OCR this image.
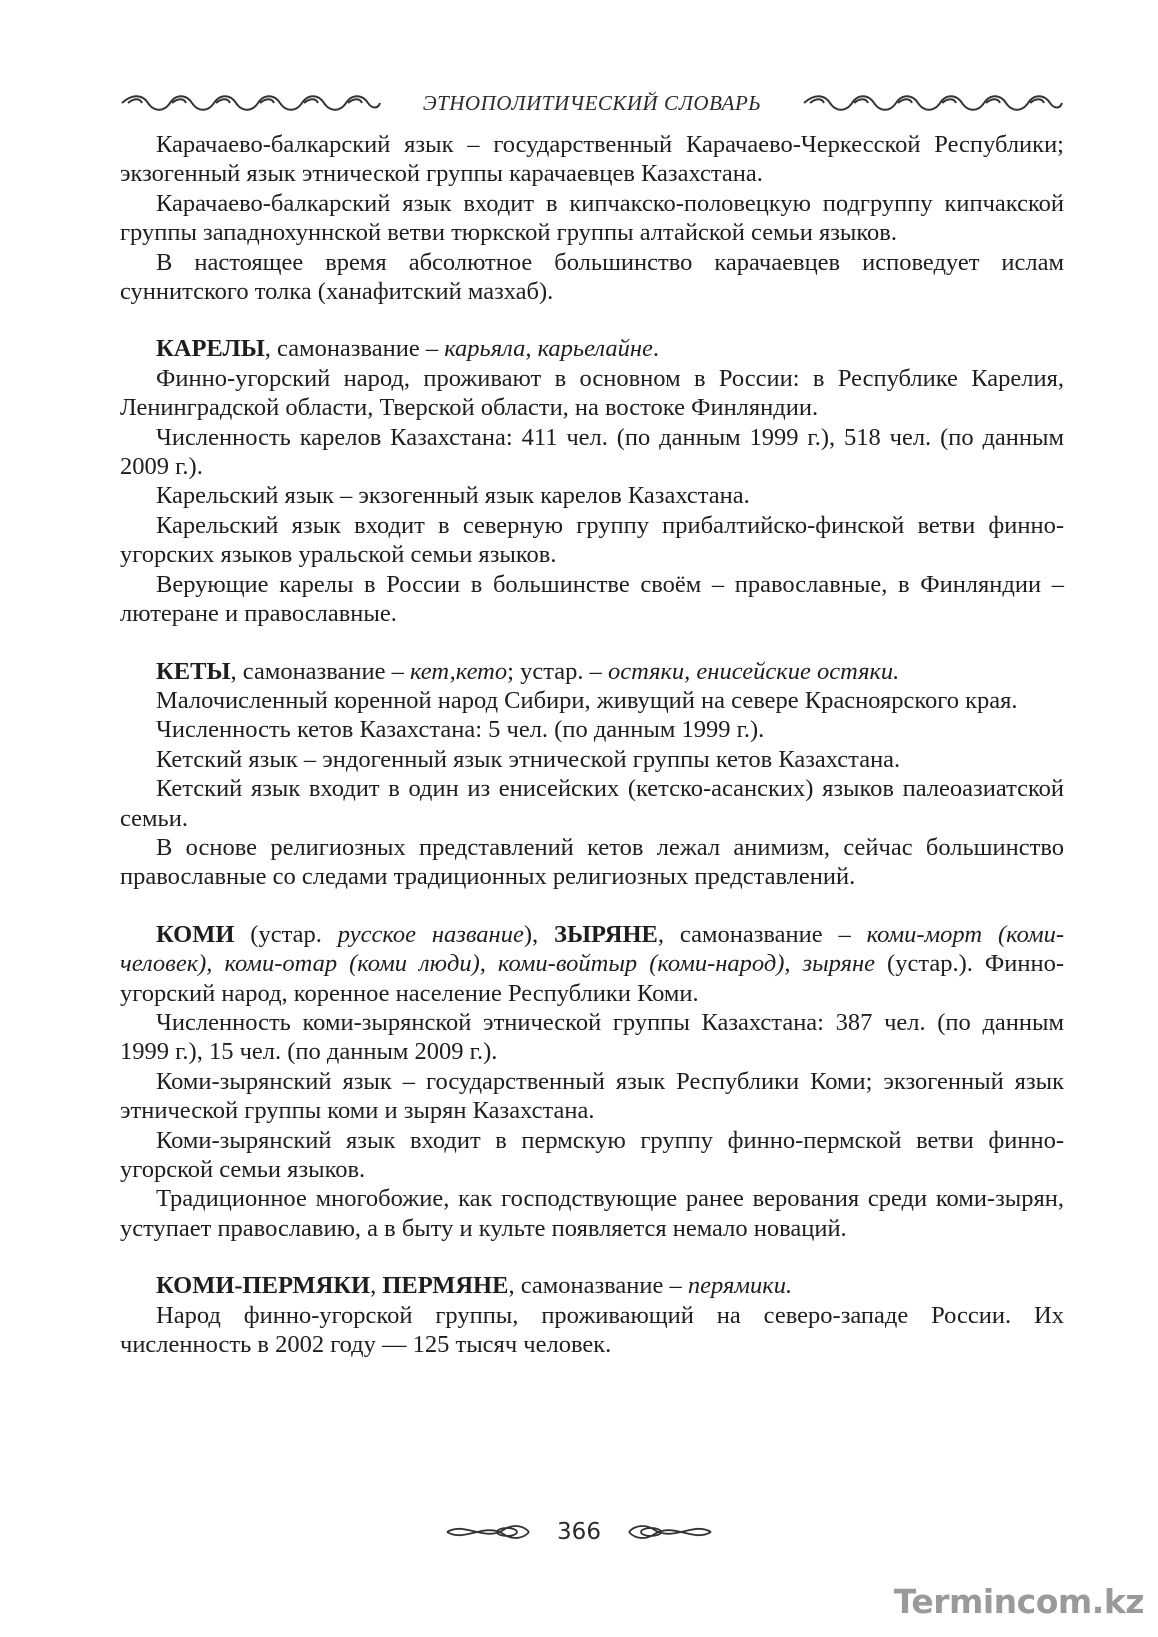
ЭТНОПОЛИТИЧЕСКИЙ СЛОВАРЬ

Карачаево-балкарский язык – государственный Карачаево-Черкесской Республики; экзогенный язык этнической группы карачаевцев Казахстана.

Карачаево-балкарский язык входит в кипчакско-половецкую подгруппу кипчакской группы западнохуннской ветви тюркской группы алтайской семьи языков.

В настоящее время абсолютное большинство карачаевцев исповедует ислам суннитского толка (ханафитский мазхаб).

КАРЕЛЫ, самоназвание – карьяла, карьелайне.

Финно-угорский народ, проживают в основном в России: в Республике Карелия, Ленинградской области, Тверской области, на востоке Финляндии.

Численность карелов Казахстана: 411 чел. (по данным 1999 г.), 518 чел. (по данным 2009 г.).

Карельский язык – экзогенный язык карелов Казахстана.

Карельский язык входит в северную группу прибалтийско-финской ветви финно-угорских языков уральской семьи языков.

Верующие карелы в России в большинстве своём – православные, в Финляндии – лютеране и православные.

КЕТЫ, самоназвание – кет,кето; устар. – остяки, енисейские остяки.

Малочисленный коренной народ Сибири, живущий на севере Красноярского края.

Численность кетов Казахстана: 5 чел. (по данным 1999 г.).

Кетский язык – эндогенный язык этнической группы кетов Казахстана.

Кетский язык входит в один из енисейских (кетско-асанских) языков палеоазиатской семьи.

В основе религиозных представлений кетов лежал анимизм, сейчас большинство православные со следами традиционных религиозных представлений.

КОМИ (устар. русское название), ЗЫРЯНЕ, самоназвание – коми-морт (коми-человек), коми-отар (коми люди), коми-войтыр (коми-народ), зыряне (устар.). Финно-угорский народ, коренное население Республики Коми.

Численность коми-зырянской этнической группы Казахстана: 387 чел. (по данным 1999 г.), 15 чел. (по данным 2009 г.).

Коми-зырянский язык – государственный язык Республики Коми; экзогенный язык этнической группы коми и зырян Казахстана.

Коми-зырянский язык входит в пермскую группу финно-пермской ветви финно-угорской семьи языков.

Традиционное многобожие, как господствующие ранее верования среди коми-зырян, уступает православию, а в быту и культе появляется немало новаций.

КОМИ-ПЕРМЯКИ, ПЕРМЯНЕ, самоназвание – перямики.

Народ финно-угорской группы, проживающий на северо-западе России. Их численность в 2002 году — 125 тысяч человек.

366
Termincom.kz
